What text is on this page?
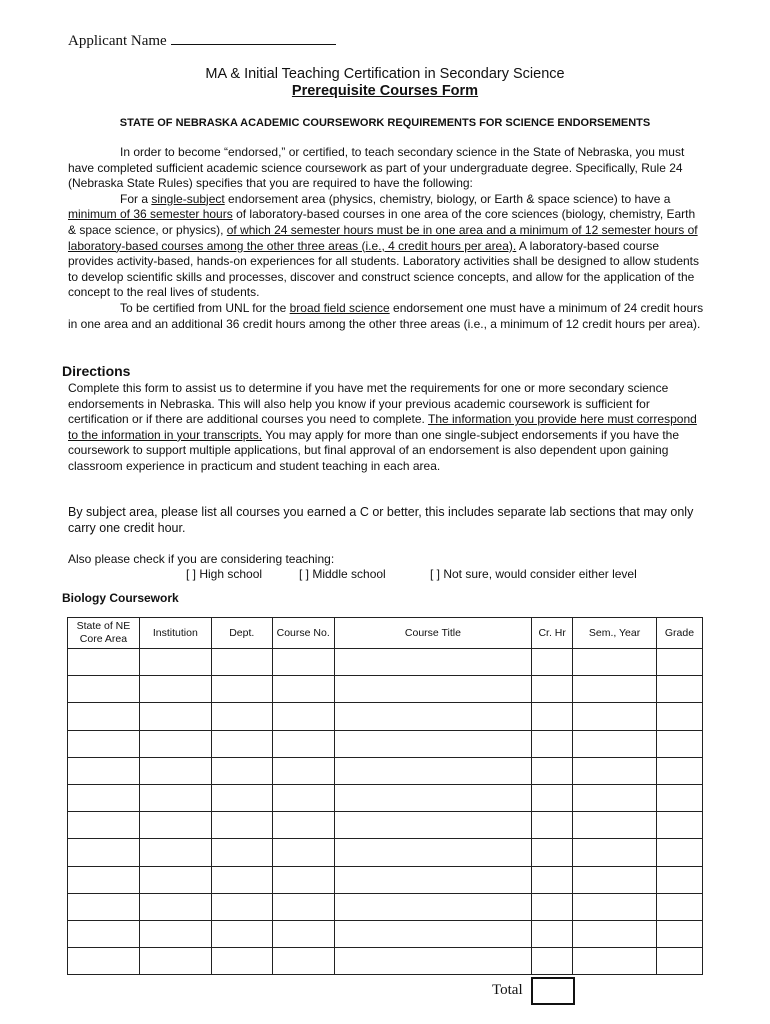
Applicant Name
MA & Initial Teaching Certification in Secondary Science
Prerequisite Courses Form
STATE OF NEBRASKA ACADEMIC COURSEWORK REQUIREMENTS FOR SCIENCE ENDORSEMENTS

In order to become “endorsed,” or certified, to teach secondary science in the State of Nebraska, you must have completed sufficient academic science coursework as part of your undergraduate degree. Specifically, Rule 24 (Nebraska State Rules) specifies that you are required to have the following:

For a single-subject endorsement area (physics, chemistry, biology, or Earth & space science) to have a minimum of 36 semester hours of laboratory-based courses in one area of the core sciences (biology, chemistry, Earth & space science, or physics), of which 24 semester hours must be in one area and a minimum of 12 semester hours of laboratory-based courses among the other three areas (i.e., 4 credit hours per area). A laboratory-based course provides activity-based, hands-on experiences for all students. Laboratory activities shall be designed to allow students to develop scientific skills and processes, discover and construct science concepts, and allow for the application of the concept to the real lives of students.

To be certified from UNL for the broad field science endorsement one must have a minimum of 24 credit hours in one area and an additional 36 credit hours among the other three areas (i.e., a minimum of 12 credit hours per area).

Directions

Complete this form to assist us to determine if you have met the requirements for one or more secondary science endorsements in Nebraska. This will also help you know if your previous academic coursework is sufficient for certification or if there are additional courses you need to complete. The information you provide here must correspond to the information in your transcripts. You may apply for more than one single-subject endorsements if you have the coursework to support multiple applications, but final approval of an endorsement is also dependent upon gaining classroom experience in practicum and student teaching in each area.

By subject area, please list all courses you earned a C or better, this includes separate lab sections that may only carry one credit hour.
Also please check if you are considering teaching:
[ ] High school	[ ] Middle school	[ ] Not sure, would consider either level
Biology Coursework
State of NE Core Area	Institution	Dept.	Course No.	Course Title	Cr. Hr	Sem., Year	Grade

Total
